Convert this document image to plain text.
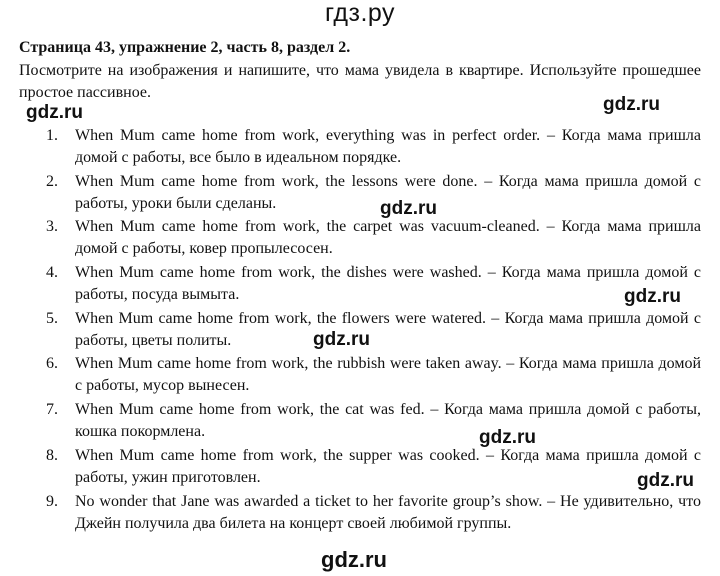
гдз.ру
Страница 43, упражнение 2, часть 8, раздел 2.
Посмотрите на изображения и напишите, что мама увидела в квартире. Используйте прошедшее простое пассивное.
1.	When Mum came home from work, everything was in perfect order. – Когда мама пришла домой с работы, все было в идеальном порядке.
2.	When Mum came home from work, the lessons were done. – Когда мама пришла домой с работы, уроки были сделаны.
3.	When Mum came home from work, the carpet was vacuum-cleaned. – Когда мама пришла домой с работы, ковер пропылесосен.
4.	When Mum came home from work, the dishes were washed. – Когда мама пришла домой с работы, посуда вымыта.
5.	When Mum came home from work, the flowers were watered. – Когда мама пришла домой с работы, цветы политы.
6.	When Mum came home from work, the rubbish were taken away. – Когда мама пришла домой с работы, мусор вынесен.
7.	When Mum came home from work, the cat was fed. – Когда мама пришла домой с работы, кошка покормлена.
8.	When Mum came home from work, the supper was cooked. – Когда мама пришла домой с работы, ужин приготовлен.
9.	No wonder that Jane was awarded a ticket to her favorite group’s show. – Не удивительно, что Джейн получила два билета на концерт своей любимой группы.
gdz.ru	gdz.ru
gdz.ru
gdz.ru
gdz.ru
gdz.ru
gdz.ru
gdz.ru
